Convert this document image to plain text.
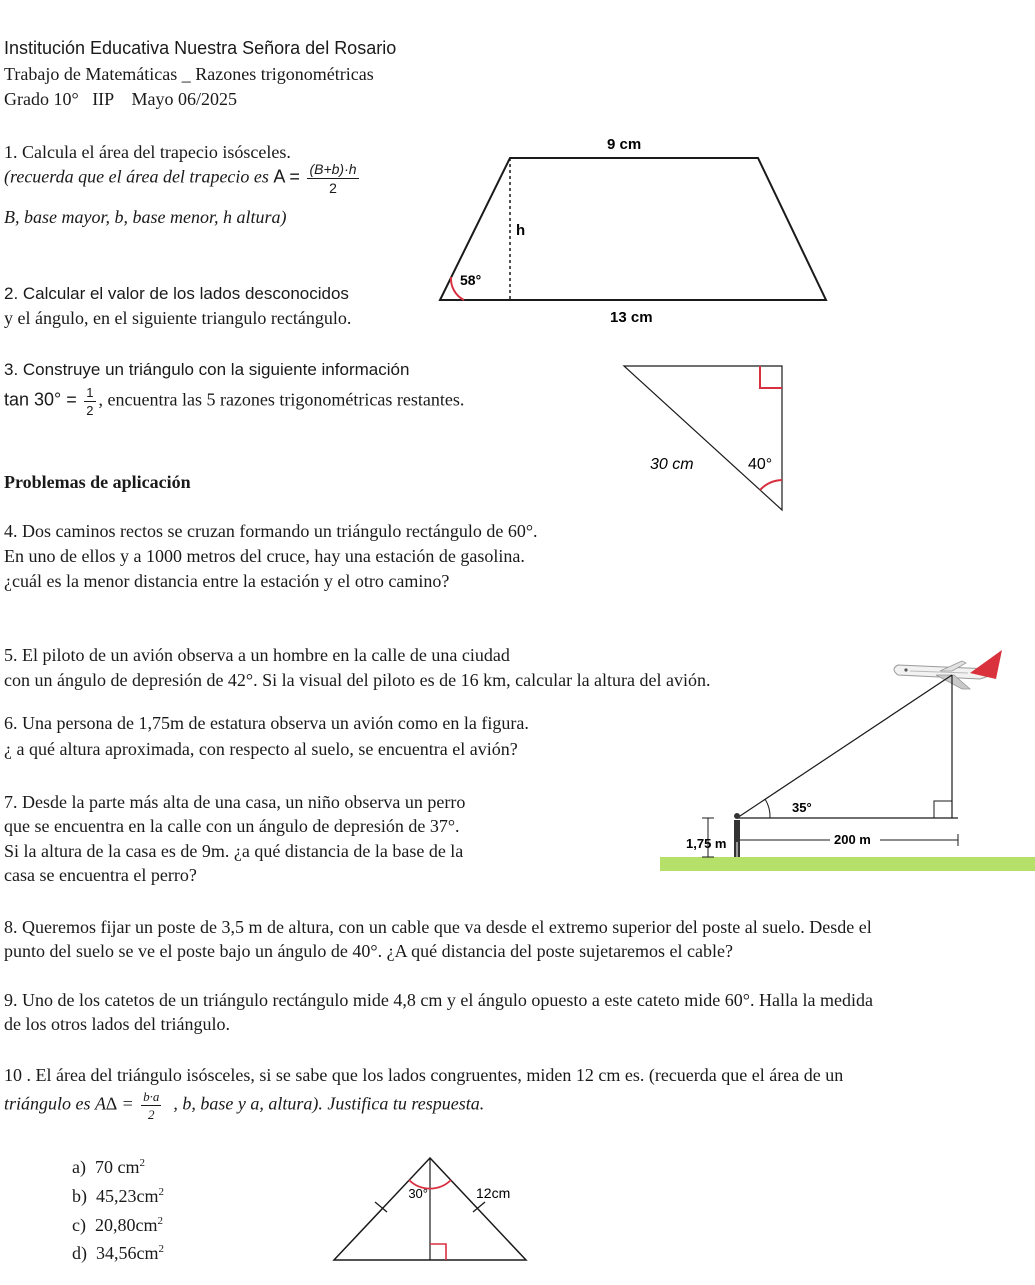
Institución Educativa Nuestra Señora del Rosario
Trabajo de Matemáticas _ Razones trigonométricas
Grado 10° IIP Mayo 06/2025
1. Calcula el área del trapecio isósceles.
(recuerda que el área del trapecio es $A = \frac{(B+b)\cdot h}{2}$
B, base mayor, b, base menor, h altura)
9 cm
13 cm
h
58°
2. Calcular el valor de los lados desconocidos
y el ángulo, en el siguiente triangulo rectángulo.
3. Construye un triángulo con la siguiente información
$\tan 30^\circ = \frac{1}{2}$ , encuentra las 5 razones trigonométricas restantes.
30 cm	40°
Problemas de aplicación
4. Dos caminos rectos se cruzan formando un triángulo rectángulo de 60°.
En uno de ellos y a 1000 metros del cruce, hay una estación de gasolina.
¿cuál es la menor distancia entre la estación y el otro camino?
5. El piloto de un avión observa a un hombre en la calle de una ciudad
con un ángulo de depresión de 42°. Si la visual del piloto es de 16 km, calcular la altura del avión.
6. Una persona de 1,75m de estatura observa un avión como en la figura.
¿ a qué altura aproximada, con respecto al suelo, se encuentra el avión?
7. Desde la parte más alta de una casa, un niño observa un perro
que se encuentra en la calle con un ángulo de depresión de 37°.
Si la altura de la casa es de 9m. ¿a qué distancia de la base de la
casa se encuentra el perro?
35°
1,75 m	200 m
8. Queremos fijar un poste de 3,5 m de altura, con un cable que va desde el extremo superior del poste al suelo. Desde el
punto del suelo se ve el poste bajo un ángulo de 40°. ¿A qué distancia del poste sujetaremos el cable?
9. Uno de los catetos de un triángulo rectángulo mide 4,8 cm y el ángulo opuesto a este cateto mide 60°. Halla la medida
de los otros lados del triángulo.
10 . El área del triángulo isósceles, si se sabe que los lados congruentes, miden 12 cm es. (recuerda que el área de un
triángulo es $A\Delta = \frac{b\cdot a}{2}$ , b, base y a, altura). Justifica tu respuesta.
a) 70 $cm^2$
b) $45,23cm^2$
c) $20,80cm^2$
d) $34,56cm^2$
30°	12cm
